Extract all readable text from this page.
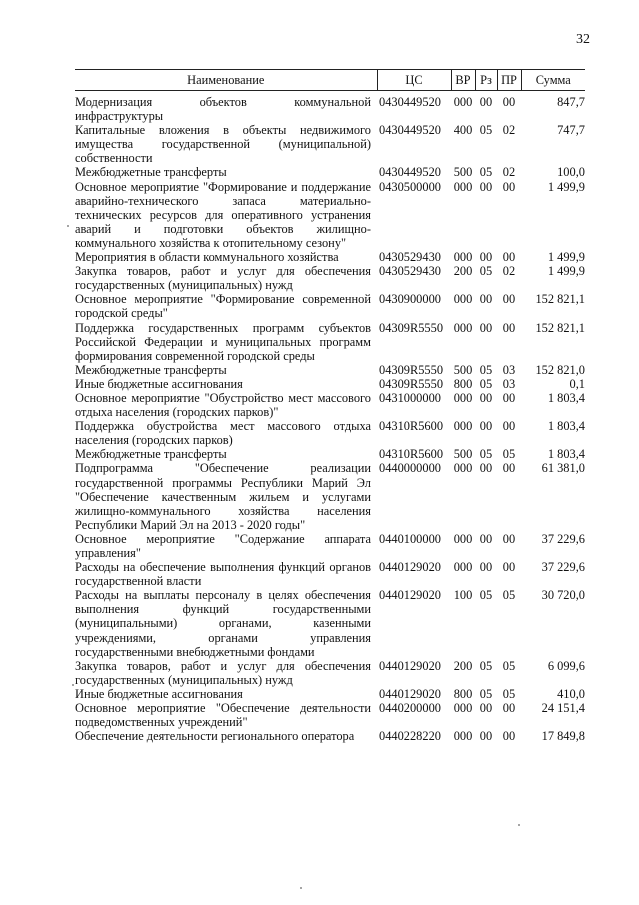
32
Наименование	ЦС	ВР	Рз	ПР	Сумма
Модернизация объектов коммунальной инфраструктуры	0430449520	000	00	00	847,7
Капитальные вложения в объекты недвижимого имущества государственной (муниципальной) собственности	0430449520	400	05	02	747,7
Межбюджетные трансферты	0430449520	500	05	02	100,0
Основное мероприятие "Формирование и поддержание аварийно-технического запаса материально-технических ресурсов для оперативного устранения аварий и подготовки объектов жилищно-коммунального хозяйства к отопительному сезону"	0430500000	000	00	00	1 499,9
Мероприятия в области коммунального хозяйства	0430529430	000	00	00	1 499,9
Закупка товаров, работ и услуг для обеспечения государственных (муниципальных) нужд	0430529430	200	05	02	1 499,9
Основное мероприятие "Формирование современной городской среды"	0430900000	000	00	00	152 821,1
Поддержка государственных программ субъектов Российской Федерации и муниципальных программ формирования современной городской среды	04309R5550	000	00	00	152 821,1
Межбюджетные трансферты	04309R5550	500	05	03	152 821,0
Иные бюджетные ассигнования	04309R5550	800	05	03	0,1
Основное мероприятие "Обустройство мест массового отдыха населения (городских парков)"	0431000000	000	00	00	1 803,4
Поддержка обустройства мест массового отдыха населения (городских парков)	04310R5600	000	00	00	1 803,4
Межбюджетные трансферты	04310R5600	500	05	05	1 803,4
Подпрограмма "Обеспечение реализации государственной программы Республики Марий Эл "Обеспечение качественным жильем и услугами жилищно-коммунального хозяйства населения Республики Марий Эл на 2013 - 2020 годы"	0440000000	000	00	00	61 381,0
Основное мероприятие "Содержание аппарата управления"	0440100000	000	00	00	37 229,6
Расходы на обеспечение выполнения функций органов государственной власти	0440129020	000	00	00	37 229,6
Расходы на выплаты персоналу в целях обеспечения выполнения функций государственными (муниципальными) органами, казенными учреждениями, органами управления государственными внебюджетными фондами	0440129020	100	05	05	30 720,0
Закупка товаров, работ и услуг для обеспечения государственных (муниципальных) нужд	0440129020	200	05	05	6 099,6
Иные бюджетные ассигнования	0440129020	800	05	05	410,0
Основное мероприятие "Обеспечение деятельности подведомственных учреждений"	0440200000	000	00	00	24 151,4
Обеспечение деятельности регионального оператора	0440228220	000	00	00	17 849,8
